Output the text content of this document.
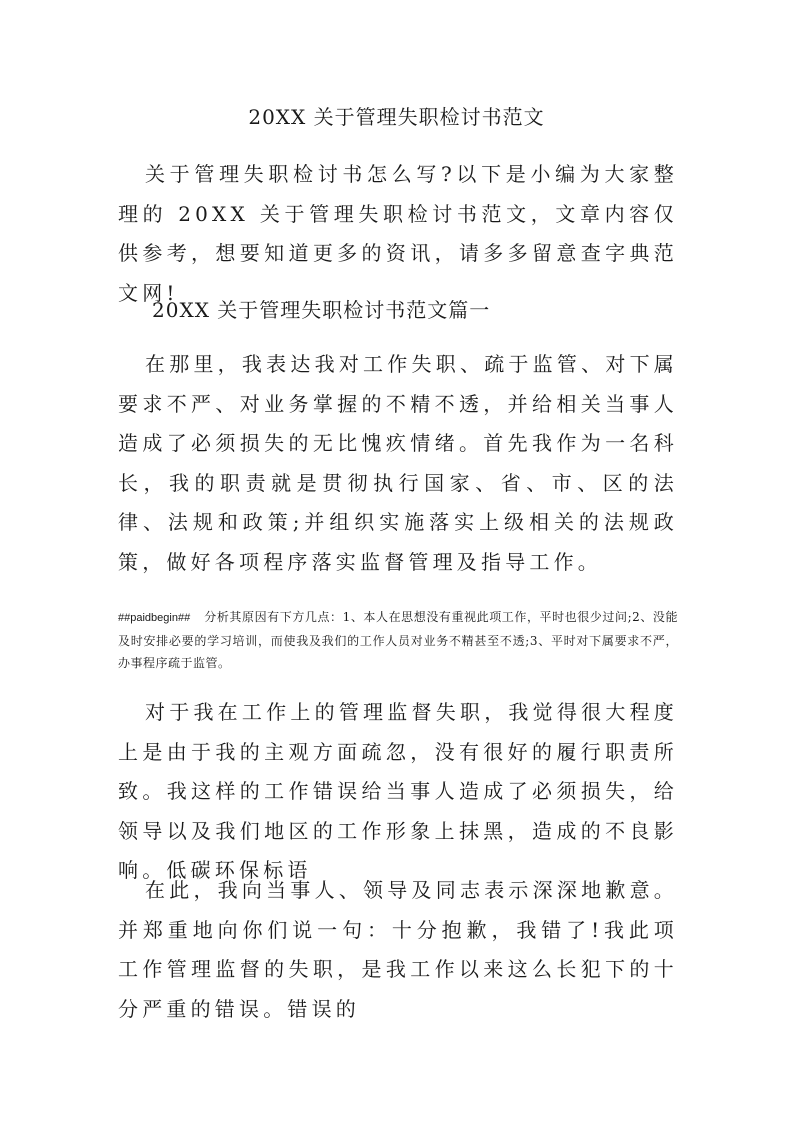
20XX 关于管理失职检讨书范文

关于管理失职检讨书怎么写?以下是小编为大家整理的 20XX 关于管理失职检讨书范文，文章内容仅供参考，想要知道更多的资讯，请多多留意查字典范文网!

20XX 关于管理失职检讨书范文篇一

在那里，我表达我对工作失职、疏于监管、对下属要求不严、对业务掌握的不精不透，并给相关当事人造成了必须损失的无比愧疚情绪。首先我作为一名科长，我的职责就是贯彻执行国家、省、市、区的法律、法规和政策;并组织实施落实上级相关的法规政策，做好各项程序落实监督管理及指导工作。

##paidbegin## 分析其原因有下方几点：1、本人在思想没有重视此项工作，平时也很少过问;2、没能及时安排必要的学习培训，而使我及我们的工作人员对业务不精甚至不透;3、平时对下属要求不严，办事程序疏于监管。

对于我在工作上的管理监督失职，我觉得很大程度上是由于我的主观方面疏忽，没有很好的履行职责所致。我这样的工作错误给当事人造成了必须损失，给领导以及我们地区的工作形象上抹黑，造成的不良影响。低碳环保标语

在此，我向当事人、领导及同志表示深深地歉意。并郑重地向你们说一句：十分抱歉，我错了!我此项工作管理监督的失职，是我工作以来这么长犯下的十分严重的错误。错误的
